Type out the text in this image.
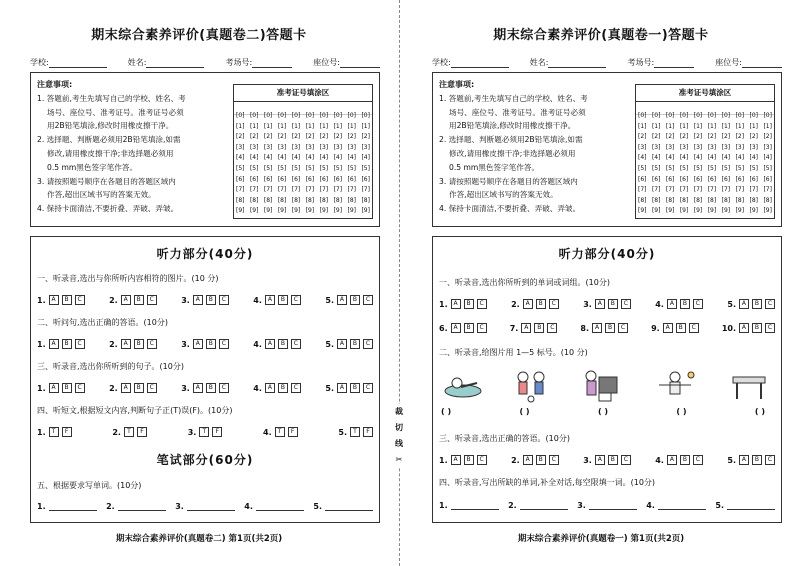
裁
切
线
✂
期末综合素养评价(真题卷二)答题卡
学校:	姓名:	考场号:	座位号:
注意事项:
1. 答题前,考生先填写自己的学校、姓名、考
场号、座位号、准考证号。准考证号必须
用2B铅笔填涂,修改时用橡皮擦干净。
2. 选择题、判断题必须用2B铅笔填涂,如需
修改,请用橡皮擦干净;非选择题必须用
0.5 mm黑色签字笔作答。
3. 请按照题号顺序在各题目的答题区域内
作答,超出区域书写的答案无效。
4. 保持卡面清洁,不要折叠、弄破、弄皱。
准考证号填涂区
[0] [0] [0] [0] [0] [0] [0] [0] [0] [0]
[1] [1] [1] [1] [1] [1] [1] [1] [1] [1]
[2] [2] [2] [2] [2] [2] [2] [2] [2] [2]
[3] [3] [3] [3] [3] [3] [3] [3] [3] [3]
[4] [4] [4] [4] [4] [4] [4] [4] [4] [4]
[5] [5] [5] [5] [5] [5] [5] [5] [5] [5]
[6] [6] [6] [6] [6] [6] [6] [6] [6] [6]
[7] [7] [7] [7] [7] [7] [7] [7] [7] [7]
[8] [8] [8] [8] [8] [8] [8] [8] [8] [8]
[9] [9] [9] [9] [9] [9] [9] [9] [9] [9]
听力部分(40分)
一、听录音,选出与你所听内容相符的图片。(10 分)
1. A	B	C	2. A	B	C	3. A	B	C	4. A	B	C	5. A	B	C
二、听问句,选出正确的答语。(10分)
1. A	B	C	2. A	B	C	3. A	B	C	4. A	B	C	5. A	B	C
三、听录音,选出你所听到的句子。(10分)
1. A	B	C	2. A	B	C	3. A	B	C	4. A	B	C	5. A	B	C
四、听短文,根据短文内容,判断句子正(T)误(F)。(10分)
1.	T	F	2.	T	F	3.	T	F	4.	T	F	5.	T	F
笔试部分(60分)
五、根据要求写单词。(10分)
1.	2.	3.	4.	5.
期末综合素养评价(真题卷二) 第1页(共2页)
期末综合素养评价(真题卷一)答题卡
学校:	姓名:	考场号:	座位号:
注意事项:
1. 答题前,考生先填写自己的学校、姓名、考
场号、座位号、准考证号。准考证号必须
用2B铅笔填涂,修改时用橡皮擦干净。
2. 选择题、判断题必须用2B铅笔填涂,如需
修改,请用橡皮擦干净;非选择题必须用
0.5 mm黑色签字笔作答。
3. 请按照题号顺序在各题目的答题区域内
作答,超出区域书写的答案无效。
4. 保持卡面清洁,不要折叠、弄破、弄皱。
准考证号填涂区
[0] [0] [0] [0] [0] [0] [0] [0] [0] [0]
[1] [1] [1] [1] [1] [1] [1] [1] [1] [1]
[2] [2] [2] [2] [2] [2] [2] [2] [2] [2]
[3] [3] [3] [3] [3] [3] [3] [3] [3] [3]
[4] [4] [4] [4] [4] [4] [4] [4] [4] [4]
[5] [5] [5] [5] [5] [5] [5] [5] [5] [5]
[6] [6] [6] [6] [6] [6] [6] [6] [6] [6]
[7] [7] [7] [7] [7] [7] [7] [7] [7] [7]
[8] [8] [8] [8] [8] [8] [8] [8] [8] [8]
[9] [9] [9] [9] [9] [9] [9] [9] [9] [9]
听力部分(40分)
一、听录音,选出你所听到的单词或词组。(10分)
1. A	B	C	2. A	B	C	3. A	B	C	4. A	B	C	5. A	B	C
6. A	B	C	7. A	B	C	8. A	B	C	9. A	B	C	10. A	B	C
二、听录音,给图片用 1—5 标号。(10 分)
( )	( )	( )	( )	( )
三、听录音,选出正确的答语。(10分)
1. A	B	C	2. A	B	C	3. A	B	C	4. A	B	C	5. A	B	C
四、听录音,写出所缺的单词,补全对话,每空限填一词。(10分)
1.	2.	3.	4.	5.
期末综合素养评价(真题卷一) 第1页(共2页)
